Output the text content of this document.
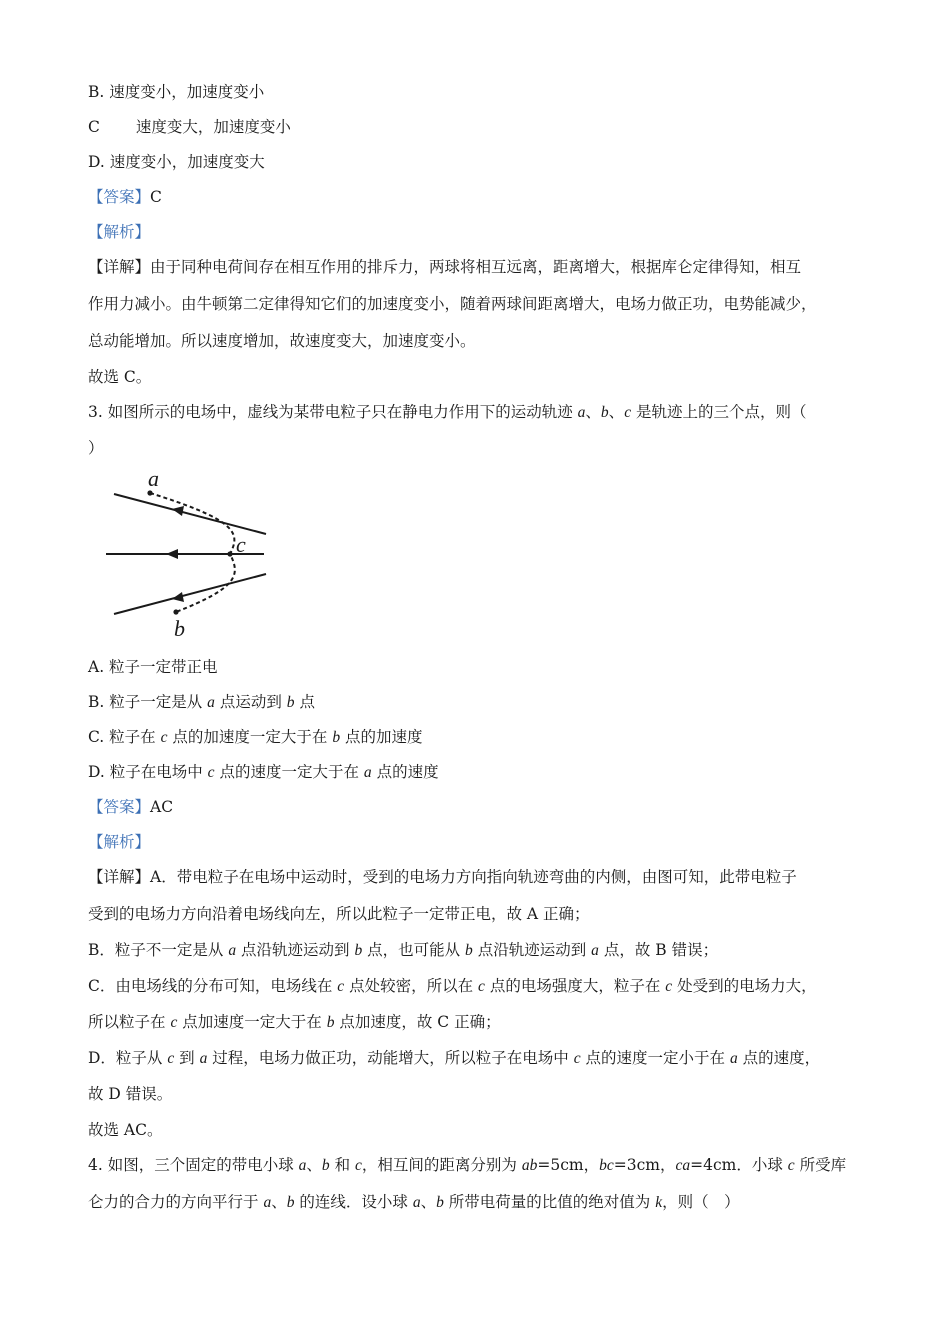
B. 速度变小，加速度变小
C 速度变大，加速度变小
D. 速度变小，加速度变大
【答案】C
【解析】
【详解】由于同种电荷间存在相互作用的排斥力，两球将相互远离，距离增大，根据库仑定律得知，相互
作用力减小。由牛顿第二定律得知它们的加速度变小，随着两球间距离增大，电场力做正功，电势能减少，
总动能增加。所以速度增加，故速度变大，加速度变小。
故选 C。
3. 如图所示的电场中，虚线为某带电粒子只在静电力作用下的运动轨迹 a、b、c 是轨迹上的三个点，则（
）
a
c
b
A. 粒子一定带正电
B. 粒子一定是从 a 点运动到 b 点
C. 粒子在 c 点的加速度一定大于在 b 点的加速度
D. 粒子在电场中 c 点的速度一定大于在 a 点的速度
【答案】AC
【解析】
【详解】A．带电粒子在电场中运动时，受到的电场力方向指向轨迹弯曲的内侧，由图可知，此带电粒子
受到的电场力方向沿着电场线向左，所以此粒子一定带正电，故 A 正确；
B．粒子不一定是从 a 点沿轨迹运动到 b 点，也可能从 b 点沿轨迹运动到 a 点，故 B 错误；
C．由电场线的分布可知，电场线在 c 点处较密，所以在 c 点的电场强度大，粒子在 c 处受到的电场力大，
所以粒子在 c 点加速度一定大于在 b 点加速度，故 C 正确；
D．粒子从 c 到 a 过程，电场力做正功，动能增大，所以粒子在电场中 c 点的速度一定小于在 a 点的速度，
故 D 错误。
故选 AC。
4. 如图，三个固定的带电小球 a、b 和 c，相互间的距离分别为 ab=5cm，bc=3cm，ca=4cm．小球 c 所受库
仑力的合力的方向平行于 a、b 的连线．设小球 a、b 所带电荷量的比值的绝对值为 k，则（　）
